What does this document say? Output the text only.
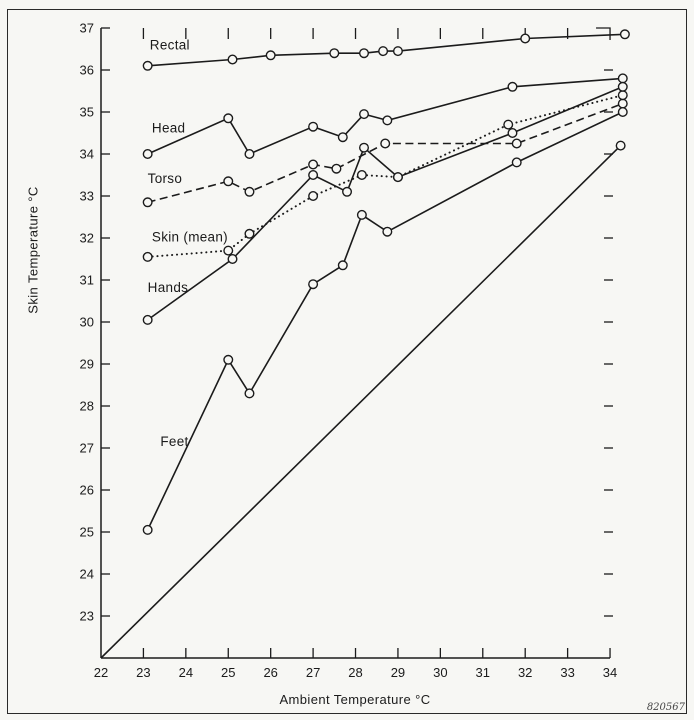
22 23 24 25 26 27 28 29 30 31 32 33 34
23
24
25
26
27
28
29
30
31
32
33
34
35
36
37
Rectal
Head
Torso
Skin (mean)
Hands
Feet
Skin Temperature °C
Ambient Temperature °C
820567
